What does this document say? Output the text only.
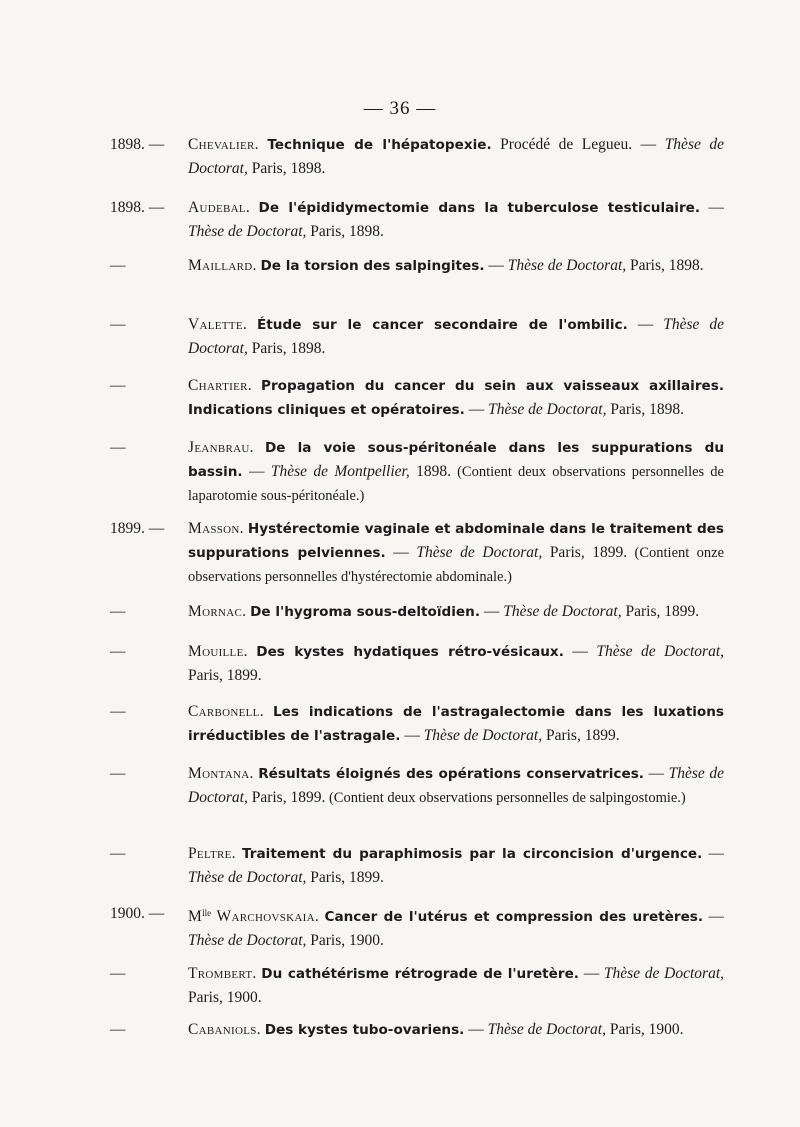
— 36 —
1898. —	Chevalier. Technique de l'hépatopexie. Procédé de Legueu. — Thèse de Doctorat, Paris, 1898.
1898. —	Audebal. De l'épididymectomie dans la tuberculose testiculaire. — Thèse de Doctorat, Paris, 1898.
—	Maillard. De la torsion des salpingites. — Thèse de Doctorat, Paris, 1898.
—	Valette. Étude sur le cancer secondaire de l'ombilic. — Thèse de Doctorat, Paris, 1898.
—	Chartier. Propagation du cancer du sein aux vaisseaux axillaires. Indications cliniques et opératoires. — Thèse de Doctorat, Paris, 1898.
—	Jeanbrau. De la voie sous-péritonéale dans les suppurations du bassin. — Thèse de Montpellier, 1898. (Contient deux observations personnelles de laparotomie sous-péritonéale.)
1899. —	Masson. Hystérectomie vaginale et abdominale dans le traitement des suppurations pelviennes. — Thèse de Doctorat, Paris, 1899. (Contient onze observations personnelles d'hystérectomie abdominale.)
—	Mornac. De l'hygroma sous-deltoïdien. — Thèse de Doctorat, Paris, 1899.
—	Mouille. Des kystes hydatiques rétro-vésicaux. — Thèse de Doctorat, Paris, 1899.
—	Carbonell. Les indications de l'astragalectomie dans les luxations irréductibles de l'astragale. — Thèse de Doctorat, Paris, 1899.
—	Montana. Résultats éloignés des opérations conservatrices. — Thèse de Doctorat, Paris, 1899. (Contient deux observations personnelles de salpingostomie.)
—	Peltre. Traitement du paraphimosis par la circoncision d'urgence. — Thèse de Doctorat, Paris, 1899.
1900. —	$M^{lle}$ Warchovskaia. Cancer de l'utérus et compression des uretères. — Thèse de Doctorat, Paris, 1900.
—	Trombert. Du cathétérisme rétrograde de l'uretère. — Thèse de Doctorat, Paris, 1900.
—	Cabaniols. Des kystes tubo-ovariens. — Thèse de Doctorat, Paris, 1900.
